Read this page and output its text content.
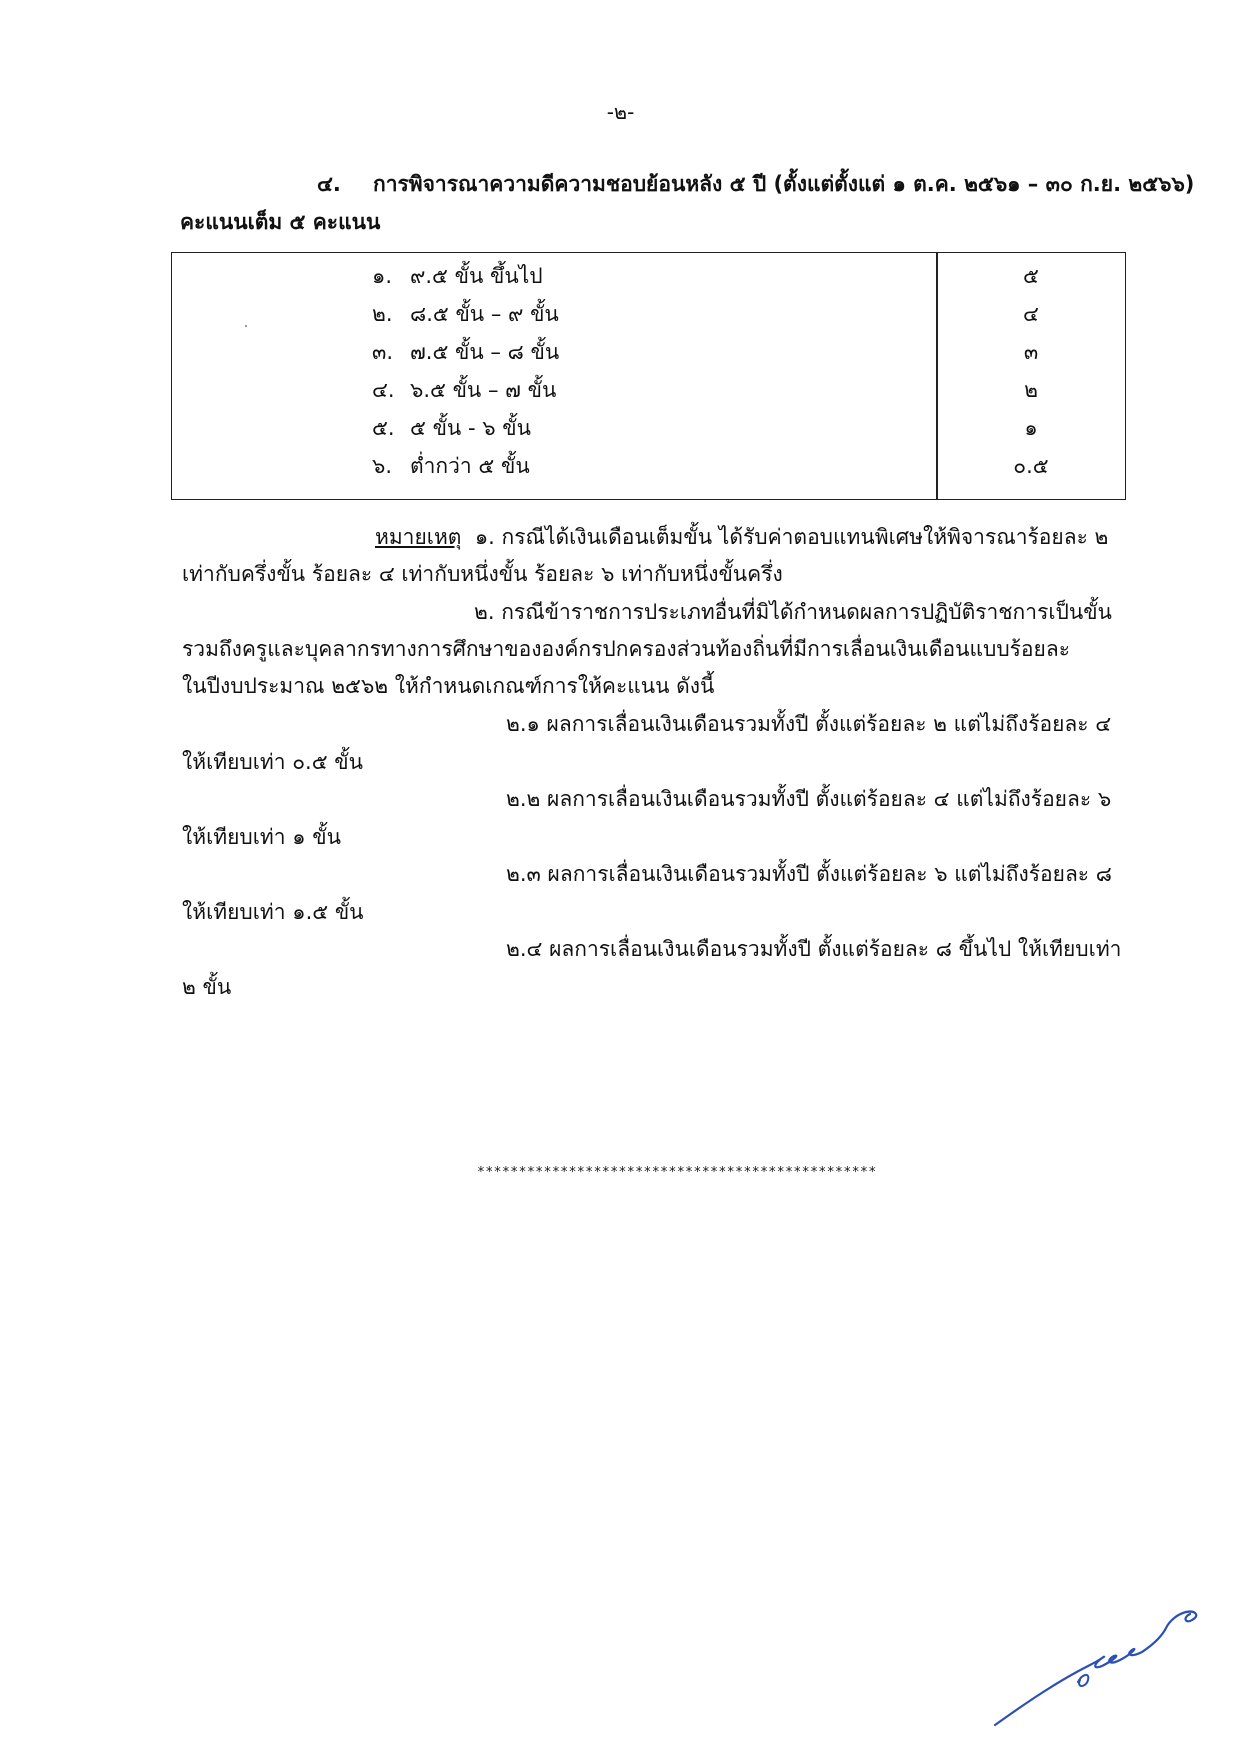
-๒-
๔. การพิจารณาความดีความชอบย้อนหลัง ๕ ปี (ตั้งแต่ตั้งแต่ ๑ ต.ค. ๒๕๖๑ – ๓๐ ก.ย. ๒๕๖๖)
คะแนนเต็ม ๕ คะแนน
๑. ๙.๕ ขั้น ขึ้นไป	๕
๒. ๘.๕ ขั้น – ๙ ขั้น	๔
๓. ๗.๕ ขั้น – ๘ ขั้น	๓
๔. ๖.๕ ขั้น – ๗ ขั้น	๒
๕. ๕ ขั้น - ๖ ขั้น	๑
๖. ต่ำกว่า ๕ ขั้น	๐.๕
หมายเหตุ ๑. กรณีได้เงินเดือนเต็มขั้น ได้รับค่าตอบแทนพิเศษให้พิจารณาร้อยละ ๒
เท่ากับครึ่งขั้น ร้อยละ ๔ เท่ากับหนึ่งขั้น ร้อยละ ๖ เท่ากับหนึ่งขั้นครึ่ง
๒. กรณีข้าราชการประเภทอื่นที่มิได้กำหนดผลการปฏิบัติราชการเป็นขั้น
รวมถึงครูและบุคลากรทางการศึกษาขององค์กรปกครองส่วนท้องถิ่นที่มีการเลื่อนเงินเดือนแบบร้อยละ
ในปีงบประมาณ ๒๕๖๒ ให้กำหนดเกณฑ์การให้คะแนน ดังนี้
๒.๑ ผลการเลื่อนเงินเดือนรวมทั้งปี ตั้งแต่ร้อยละ ๒ แต่ไม่ถึงร้อยละ ๔
ให้เทียบเท่า ๐.๕ ขั้น
๒.๒ ผลการเลื่อนเงินเดือนรวมทั้งปี ตั้งแต่ร้อยละ ๔ แต่ไม่ถึงร้อยละ ๖
ให้เทียบเท่า ๑ ขั้น
๒.๓ ผลการเลื่อนเงินเดือนรวมทั้งปี ตั้งแต่ร้อยละ ๖ แต่ไม่ถึงร้อยละ ๘
ให้เทียบเท่า ๑.๕ ขั้น
๒.๔ ผลการเลื่อนเงินเดือนรวมทั้งปี ตั้งแต่ร้อยละ ๘ ขึ้นไป ให้เทียบเท่า
๒ ขั้น
************************************************
